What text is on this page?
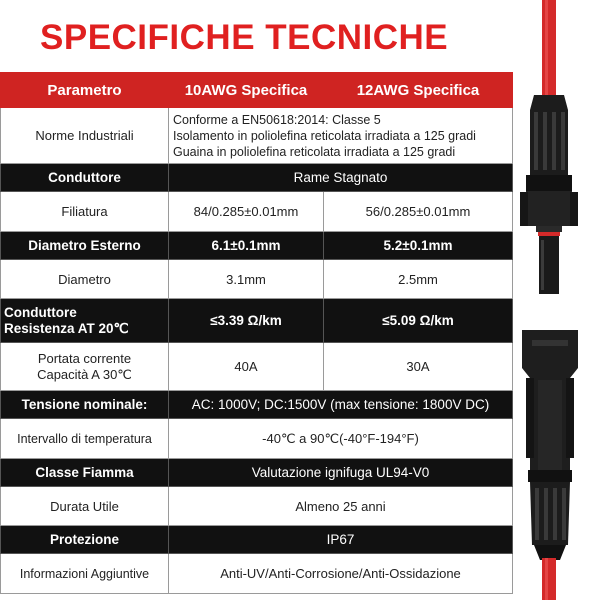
SPECIFICHE TECNICHE
Parametro	10AWG Specifica	12AWG Specifica
Norme Industriali	Conforme a EN50618:2014: Classe 5
Isolamento in poliolefina reticolata irradiata a 125 gradi
Guaina in poliolefina reticolata irradiata a 125 gradi	

Conduttore	Rame Stagnato	
Filiatura	84/0.285±0.01mm	56/0.285±0.01mm
Diametro Esterno	6.1±0.1mm	5.2±0.1mm
Diametro	3.1mm	2.5mm

Conduttore
Resistenza AT 20℃	≤3.39 Ω/km	≤5.09 Ω/km

Portata corrente
Capacità A 30℃	40A	30A
Tensione nominale:	AC: 1000V; DC:1500V (max tensione: 1800V DC)	
Intervallo di temperatura	-40℃ a 90℃(-40°F-194°F)	
Classe Fiamma	Valutazione ignifuga UL94-V0	
Durata Utile	Almeno 25 anni	
Protezione	IP67	
Informazioni Aggiuntive	Anti-UV/Anti-Corrosione/Anti-Ossidazione	
